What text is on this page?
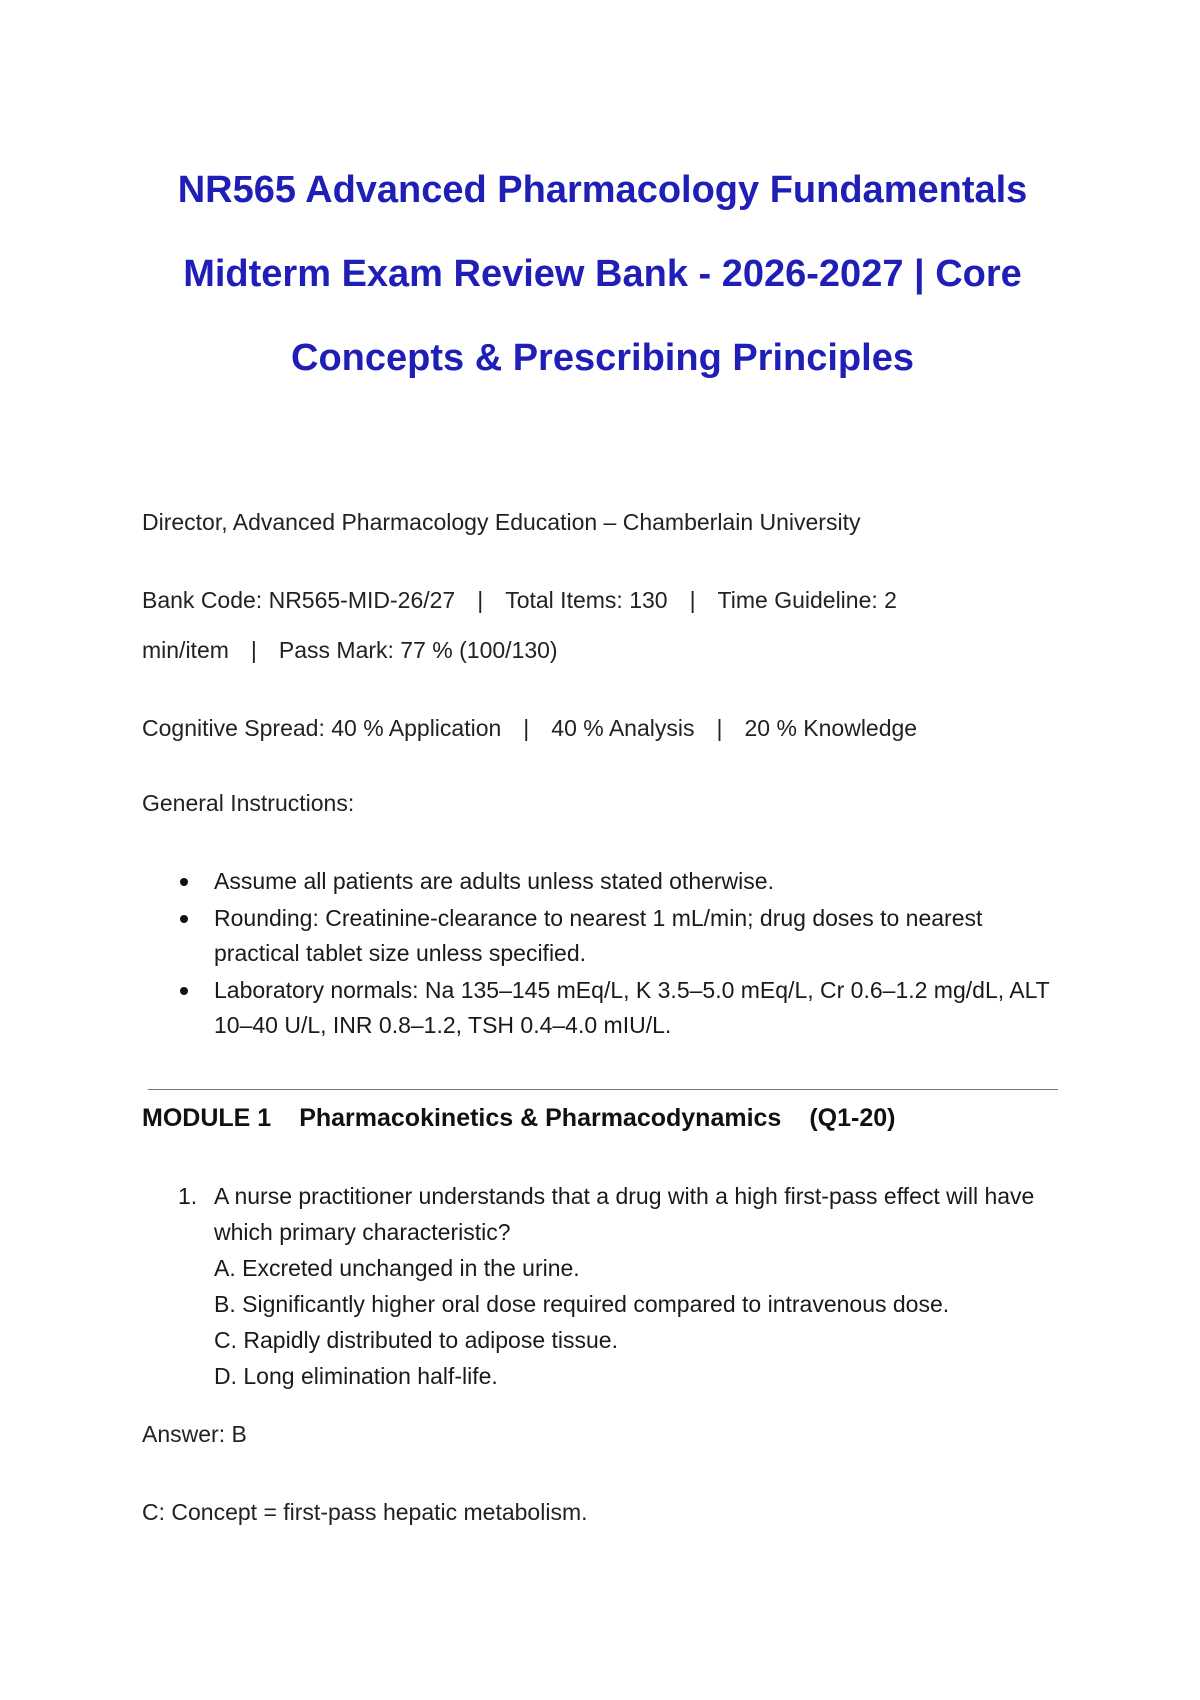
NR565 Advanced Pharmacology Fundamentals
Midterm Exam Review Bank - 2026-2027 | Core
Concepts & Prescribing Principles
Director, Advanced Pharmacology Education – Chamberlain University
Bank Code: NR565-MID-26/27 | Total Items: 130 | Time Guideline: 2
min/item | Pass Mark: 77 % (100/130)
Cognitive Spread: 40 % Application | 40 % Analysis | 20 % Knowledge
General Instructions:
Assume all patients are adults unless stated otherwise.
Rounding: Creatinine-clearance to nearest 1 mL/min; drug doses to nearest practical tablet size unless specified.
Laboratory normals: Na 135–145 mEq/L, K 3.5–5.0 mEq/L, Cr 0.6–1.2 mg/dL, ALT 10–40 U/L, INR 0.8–1.2, TSH 0.4–4.0 mIU/L.
MODULE 1 Pharmacokinetics & Pharmacodynamics (Q1-20)
1. A nurse practitioner understands that a drug with a high first-pass effect will have which primary characteristic?
A. Excreted unchanged in the urine.
B. Significantly higher oral dose required compared to intravenous dose.
C. Rapidly distributed to adipose tissue.
D. Long elimination half-life.
Answer: B
C: Concept = first-pass hepatic metabolism.
